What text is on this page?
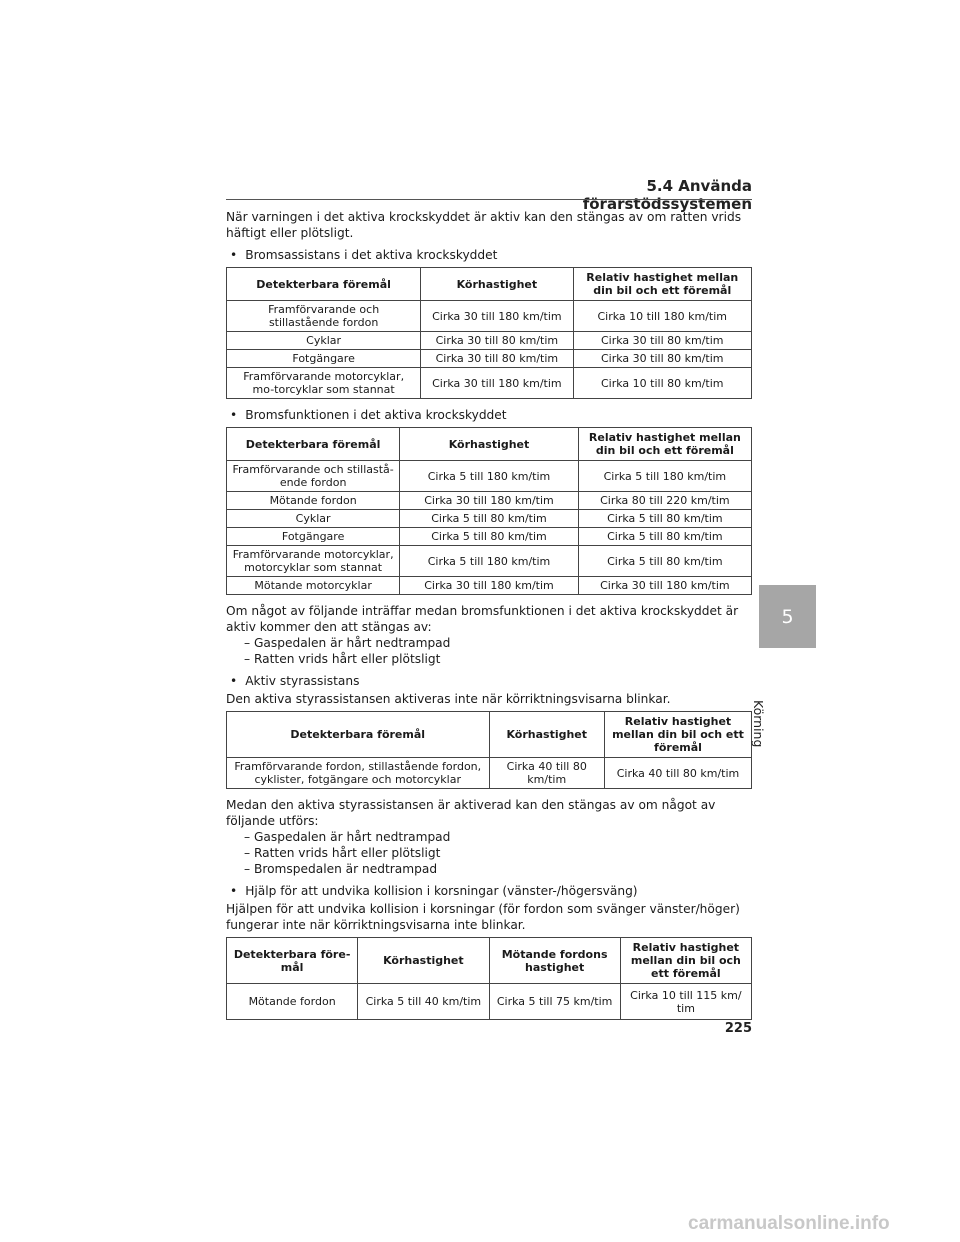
5.4 Använda förarstödssystemen

När varningen i det aktiva krockskyddet är aktiv kan den stängas av om ratten vrids häftigt eller plötsligt.

• Bromsassistans i det aktiva krockskyddet
Detekterbara föremål	Körhastighet	Relativ hastighet mellan din bil och ett föremål
Framförvarande och stillastående fordon	Cirka 30 till 180 km/tim	Cirka 10 till 180 km/tim
Cyklar	Cirka 30 till 80 km/tim	Cirka 30 till 80 km/tim
Fotgängare	Cirka 30 till 80 km/tim	Cirka 30 till 80 km/tim
Framförvarande motorcyklar, mo-torcyklar som stannat	Cirka 30 till 180 km/tim	Cirka 10 till 80 km/tim
• Bromsfunktionen i det aktiva krockskyddet
Detekterbara föremål	Körhastighet	Relativ hastighet mellan din bil och ett föremål
Framförvarande och stillastå-ende fordon	Cirka 5 till 180 km/tim	Cirka 5 till 180 km/tim
Mötande fordon	Cirka 30 till 180 km/tim	Cirka 80 till 220 km/tim
Cyklar	Cirka 5 till 80 km/tim	Cirka 5 till 80 km/tim
Fotgängare	Cirka 5 till 80 km/tim	Cirka 5 till 80 km/tim
Framförvarande motorcyklar, motorcyklar som stannat	Cirka 5 till 180 km/tim	Cirka 5 till 80 km/tim
Mötande motorcyklar	Cirka 30 till 180 km/tim	Cirka 30 till 180 km/tim

Om något av följande inträffar medan bromsfunktionen i det aktiva krockskyddet är aktiv kommer den att stängas av:

– Gaspedalen är hårt nedtrampad
– Ratten vrids hårt eller plötsligt
• Aktiv styrassistans

Den aktiva styrassistansen aktiveras inte när körriktningsvisarna blinkar.

Detekterbara föremål	Körhastighet	Relativ hastighet mellan din bil och ett föremål
Framförvarande fordon, stillastående fordon, cyklister, fotgängare och motorcyklar	Cirka 40 till 80 km/tim	Cirka 40 till 80 km/tim

Medan den aktiva styrassistansen är aktiverad kan den stängas av om något av följande utförs:

– Gaspedalen är hårt nedtrampad
– Ratten vrids hårt eller plötsligt
– Bromspedalen är nedtrampad
• Hjälp för att undvika kollision i korsningar (vänster-/högersväng)

Hjälpen för att undvika kollision i korsningar (för fordon som svänger vänster/höger) fungerar inte när körriktningsvisarna inte blinkar.

Detekterbara före-mål	Körhastighet	Mötande fordons hastighet	Relativ hastighet mellan din bil och ett föremål
Mötande fordon	Cirka 5 till 40 km/tim	Cirka 5 till 75 km/tim	Cirka 10 till 115 km/ tim
5
Körning
225
carmanualsonline.info
